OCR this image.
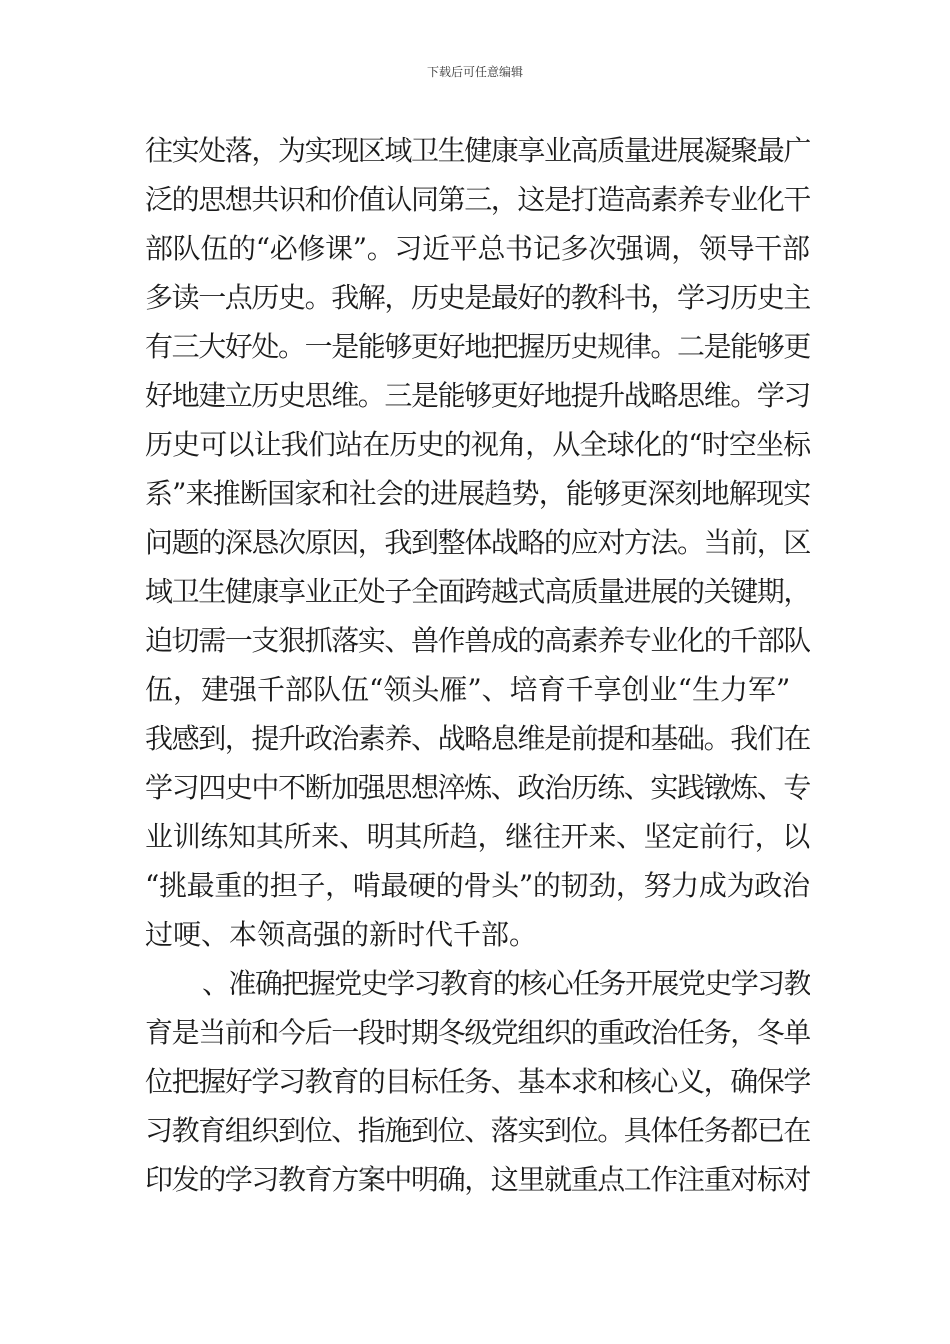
下载后可任意编辑
往实处落，为实现区域卫生健康享业高质量进展凝聚最广
泛的思想共识和价值认同第三，这是打造高素养专业化干
部队伍的“必修课”。习近平总书记多次强调，领导干部
多读一点历史。我解，历史是最好的教科书，学习历史主
有三大好处。一是能够更好地把握历史规律。二是能够更
好地建立历史思维。三是能够更好地提升战略思维。学习
历史可以让我们站在历史的视角，从全球化的“时空坐标
系”来推断国家和社会的进展趋势，能够更深刻地解现实
问题的深恳次原因，我到整体战略的应对方法。当前，区
域卫生健康享业正处子全面跨越式高质量进展的关键期，
迫切需一支狠抓落实、兽作兽成的高素养专业化的千部队
伍，建强千部队伍“领头雁”、培育千享创业“生力军”
我感到，提升政治素养、战略息维是前提和基础。我们在
学习四史中不断加强思想淬炼、政治历练、实践镦炼、专
业训练知其所来、明其所趋，继往开来、坚定前行，以
“挑最重的担子，啃最硬的骨头”的韧劲，努力成为政治
过哽、本领高强的新时代千部。
、准确把握党史学习教育的核心任务开展党史学习教
育是当前和今后一段时期冬级党组织的重政治任务，冬单
位把握好学习教育的目标任务、基本求和核心义，确保学
习教育组织到位、指施到位、落实到位。具体任务都已在
印发的学习教育方案中明确，这里就重点工作注重对标对
